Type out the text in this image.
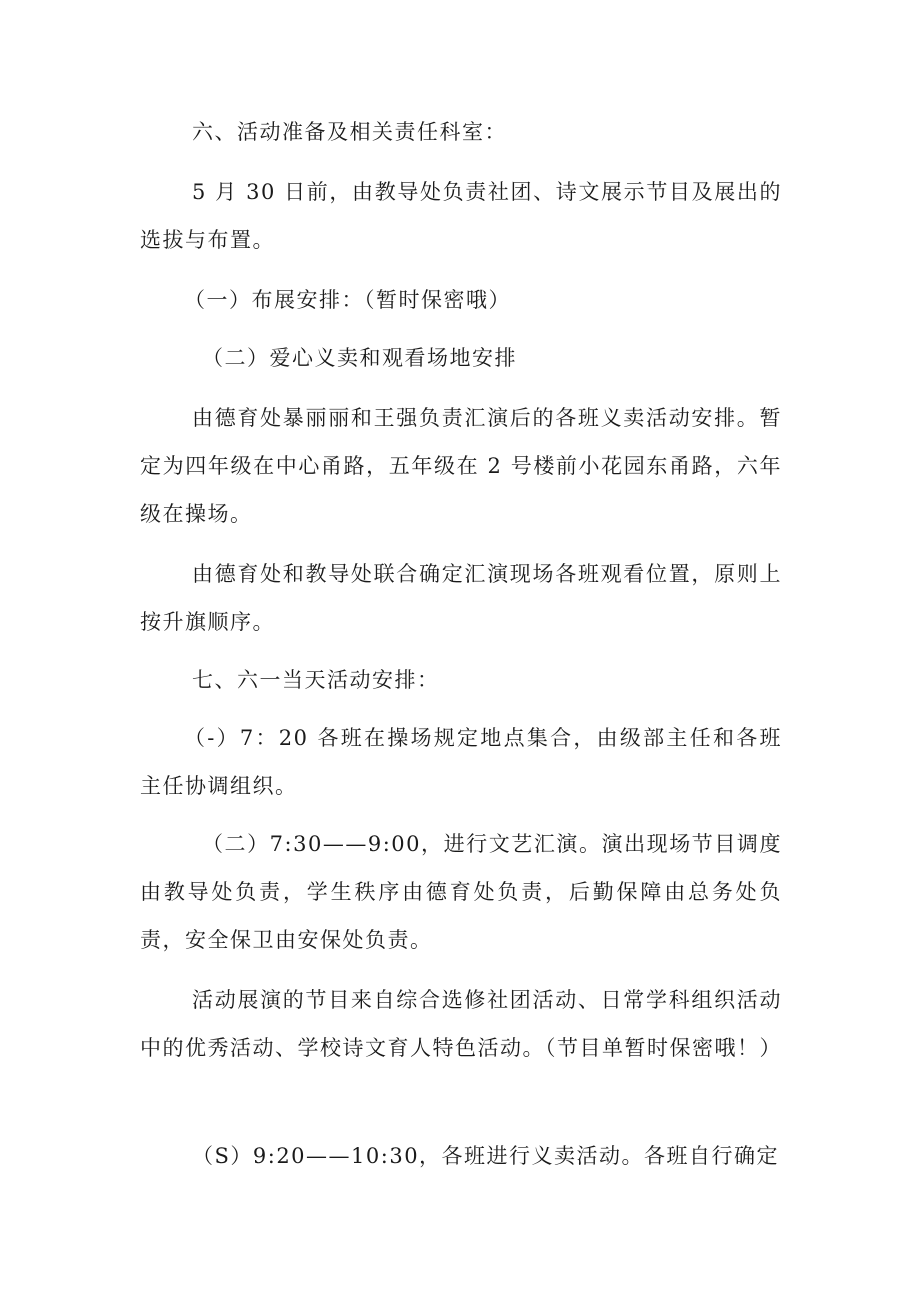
六、活动准备及相关责任科室：

5 月 30 日前，由教导处负责社团、诗文展示节目及展出的选拔与布置。

（一）布展安排：（暂时保密哦）

（二）爱心义卖和观看场地安排

由德育处暴丽丽和王强负责汇演后的各班义卖活动安排。暂定为四年级在中心甬路，五年级在 2 号楼前小花园东甬路，六年级在操场。

由德育处和教导处联合确定汇演现场各班观看位置，原则上按升旗顺序。

七、六一当天活动安排：

（-）7：20 各班在操场规定地点集合，由级部主任和各班主任协调组织。

（二）7:30——9:00，进行文艺汇演。演出现场节目调度由教导处负责，学生秩序由德育处负责，后勤保障由总务处负责，安全保卫由安保处负责。

活动展演的节目来自综合选修社团活动、日常学科组织活动中的优秀活动、学校诗文育人特色活动。（节目单暂时保密哦！）

（S）9:20——10:30，各班进行义卖活动。各班自行确定
